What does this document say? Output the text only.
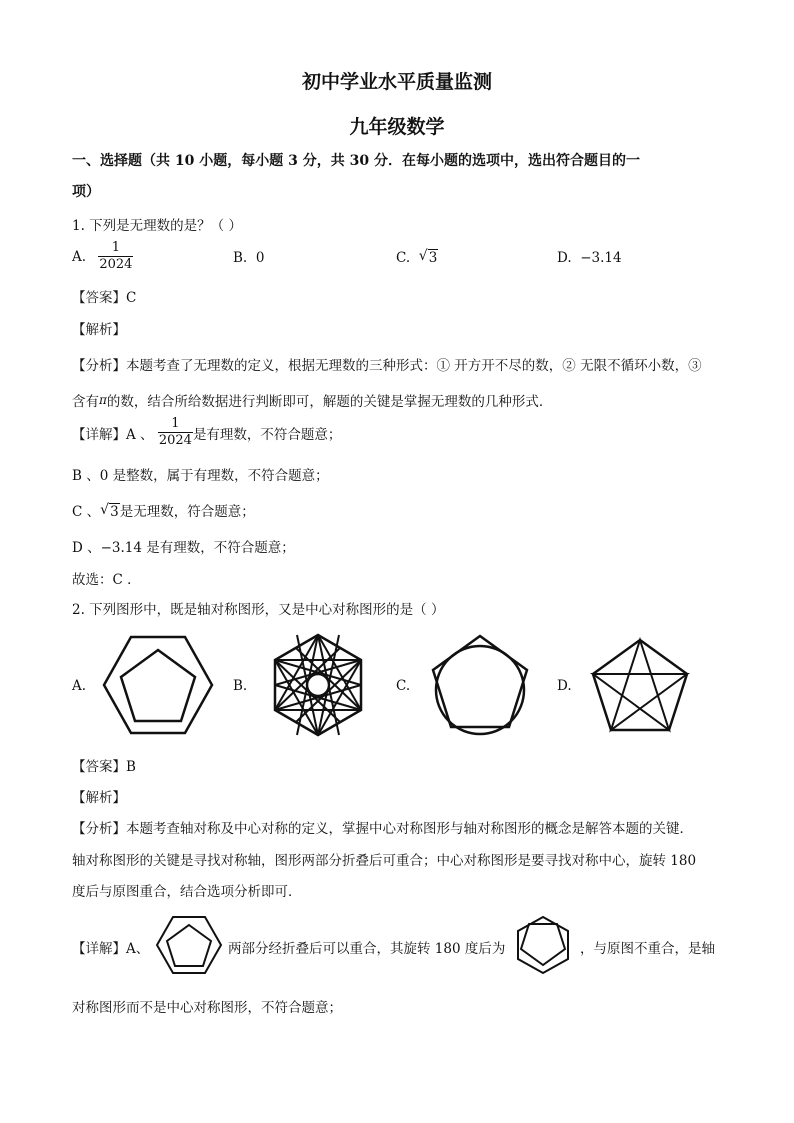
初中学业水平质量监测
九年级数学
一、选择题（共 10 小题，每小题 3 分，共 30 分．在每小题的选项中，选出符合题目的一
项）
1. 下列是无理数的是？（ ）
A. $\frac{1}{2024}$	B. 0	C. √ 3	D. −3.14
【答案】C
【解析】
【分析】本题考查了无理数的定义，根据无理数的三种形式：① 开方开不尽的数，② 无限不循环小数，③
含有π的数，结合所给数据进行判断即可，解题的关键是掌握无理数的几种形式．
【详解】A 、 $\frac{1}{2024}$ 是有理数，不符合题意；
B 、0 是整数，属于有理数，不符合题意；
C 、 √ 3是无理数，符合题意；
D 、−3.14 是有理数，不符合题意；
故选：C ．
2. 下列图形中，既是轴对称图形，又是中心对称图形的是（ ）
A.	B.	C.	D.
【答案】B
【解析】
【分析】本题考查轴对称及中心对称的定义，掌握中心对称图形与轴对称图形的概念是解答本题的关键．
轴对称图形的关键是寻找对称轴，图形两部分折叠后可重合；中心对称图形是要寻找对称中心，旋转 180
度后与原图重合，结合选项分析即可．
【详解】A、	两部分经折叠后可以重合，其旋转 180 度后为	，与原图不重合，是轴
对称图形而不是中心对称图形，不符合题意；
